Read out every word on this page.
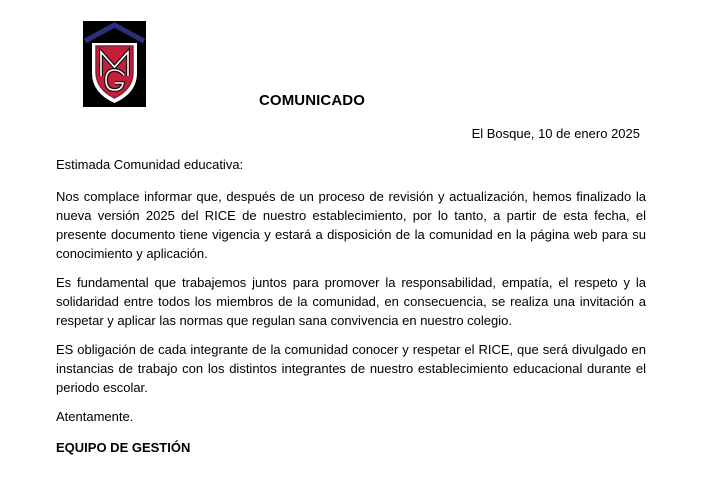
COMUNICADO
El Bosque, 10 de enero 2025

Estimada Comunidad educativa:

Nos complace informar que, después de un proceso de revisión y actualización, hemos finalizado la nueva versión 2025 del RICE de nuestro establecimiento, por lo tanto, a partir de esta fecha, el presente documento tiene vigencia y estará a disposición de la comunidad en la página web para su conocimiento y aplicación.

Es fundamental que trabajemos juntos para promover la responsabilidad, empatía, el respeto y la solidaridad entre todos los miembros de la comunidad, en consecuencia, se realiza una invitación a respetar y aplicar las normas que regulan sana convivencia en nuestro colegio.

ES obligación de cada integrante de la comunidad conocer y respetar el RICE, que será divulgado en instancias de trabajo con los distintos integrantes de nuestro establecimiento educacional durante el periodo escolar.

Atentamente.

EQUIPO DE GESTIÓN
